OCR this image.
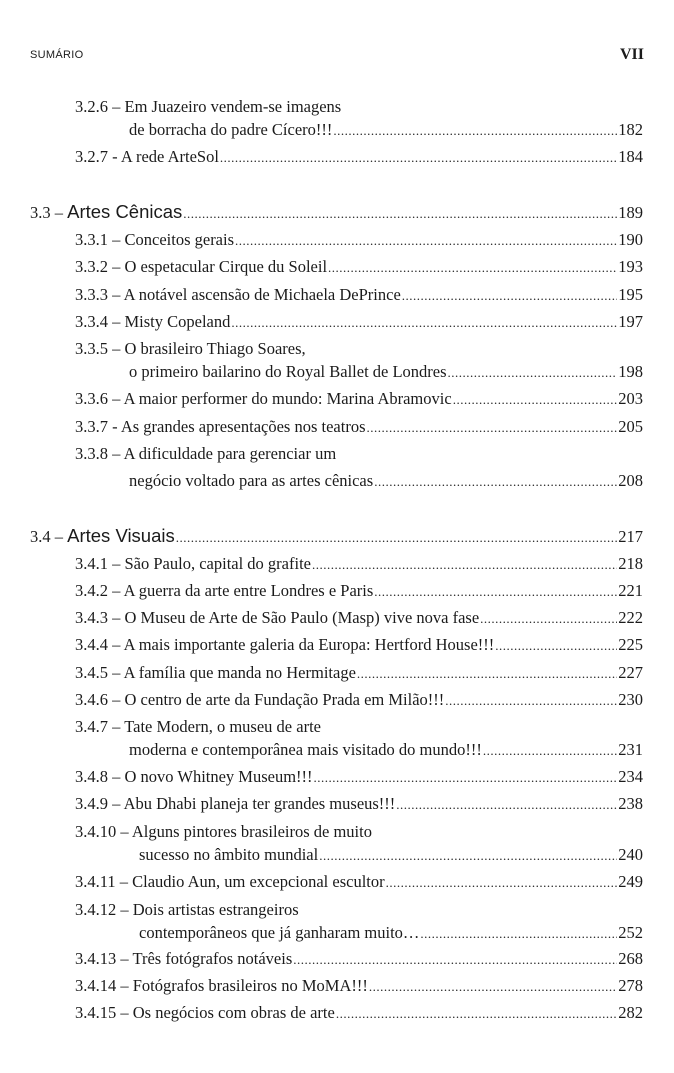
SUMÁRIO	VII
3.2.6 – Em Juazeiro vendem-se imagens
de borracha do padre Cícero!!! .....	182
3.2.7 - A rede ArteSol .....	184
3.3 – Artes Cênicas .....	189
3.3.1 – Conceitos gerais .....	190
3.3.2 – O espetacular Cirque du Soleil .....	193
3.3.3 – A notável ascensão de Michaela DePrince .....	195
3.3.4 – Misty Copeland .....	197
3.3.5 – O brasileiro Thiago Soares,
o primeiro bailarino do Royal Ballet de Londres .....	198
3.3.6 – A maior performer do mundo: Marina Abramovic .....	203
3.3.7 - As grandes apresentações nos teatros .....	205
3.3.8 – A dificuldade para gerenciar um
negócio voltado para as artes cênicas .....	208
3.4 – Artes Visuais .....	217
3.4.1 – São Paulo, capital do grafite .....	218
3.4.2 – A guerra da arte entre Londres e Paris .....	221
3.4.3 – O Museu de Arte de São Paulo (Masp) vive nova fase .....	222
3.4.4 – A mais importante galeria da Europa: Hertford House!!! .....	225
3.4.5 – A família que manda no Hermitage .....	227
3.4.6 – O centro de arte da Fundação Prada em Milão!!! .....	230
3.4.7 – Tate Modern, o museu de arte
moderna e contemporânea mais visitado do mundo!!! .....	231
3.4.8 – O novo Whitney Museum!!! .....	234
3.4.9 – Abu Dhabi planeja ter grandes museus!!! .....	238
3.4.10 – Alguns pintores brasileiros de muito
sucesso no âmbito mundial .....	240
3.4.11 – Claudio Aun, um excepcional escultor .....	249
3.4.12 – Dois artistas estrangeiros
contemporâneos que já ganharam muito… .....	252
3.4.13 – Três fotógrafos notáveis .....	268
3.4.14 – Fotógrafos brasileiros no MoMA!!! .....	278
3.4.15 – Os negócios com obras de arte .....	282
